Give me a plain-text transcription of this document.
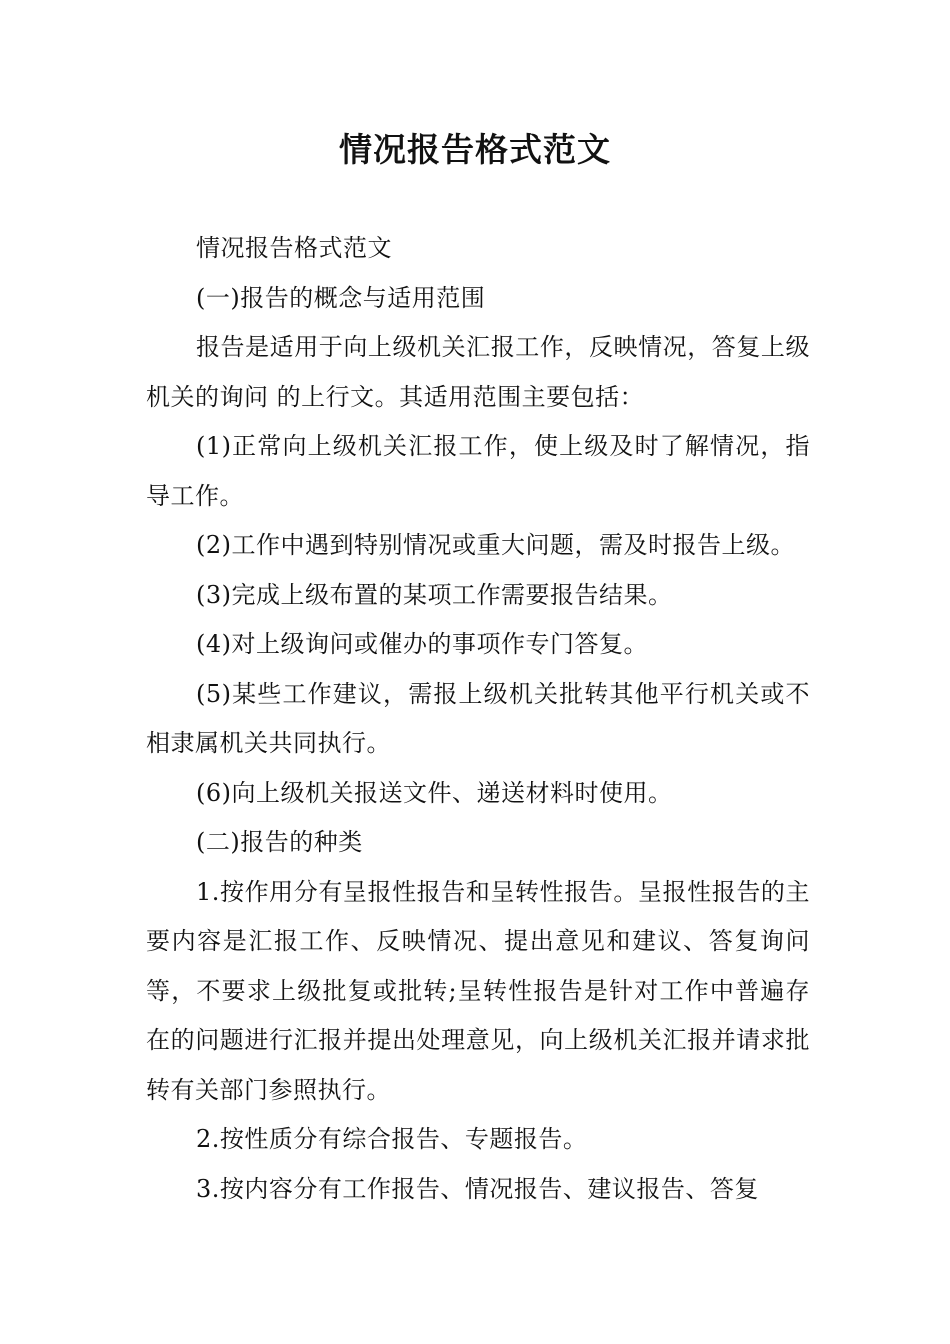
情况报告格式范文

情况报告格式范文

(一)报告的概念与适用范围

报告是适用于向上级机关汇报工作，反映情况，答复上级机关的询问 的上行文。其适用范围主要包括：

(1)正常向上级机关汇报工作，使上级及时了解情况，指导工作。

(2)工作中遇到特别情况或重大问题，需及时报告上级。

(3)完成上级布置的某项工作需要报告结果。

(4)对上级询问或催办的事项作专门答复。

(5)某些工作建议，需报上级机关批转其他平行机关或不相隶属机关共同执行。

(6)向上级机关报送文件、递送材料时使用。

(二)报告的种类

1.按作用分有呈报性报告和呈转性报告。呈报性报告的主要内容是汇报工作、反映情况、提出意见和建议、答复询问等，不要求上级批复或批转;呈转性报告是针对工作中普遍存在的问题进行汇报并提出处理意见，向上级机关汇报并请求批转有关部门参照执行。

2.按性质分有综合报告、专题报告。

3.按内容分有工作报告、情况报告、建议报告、答复
